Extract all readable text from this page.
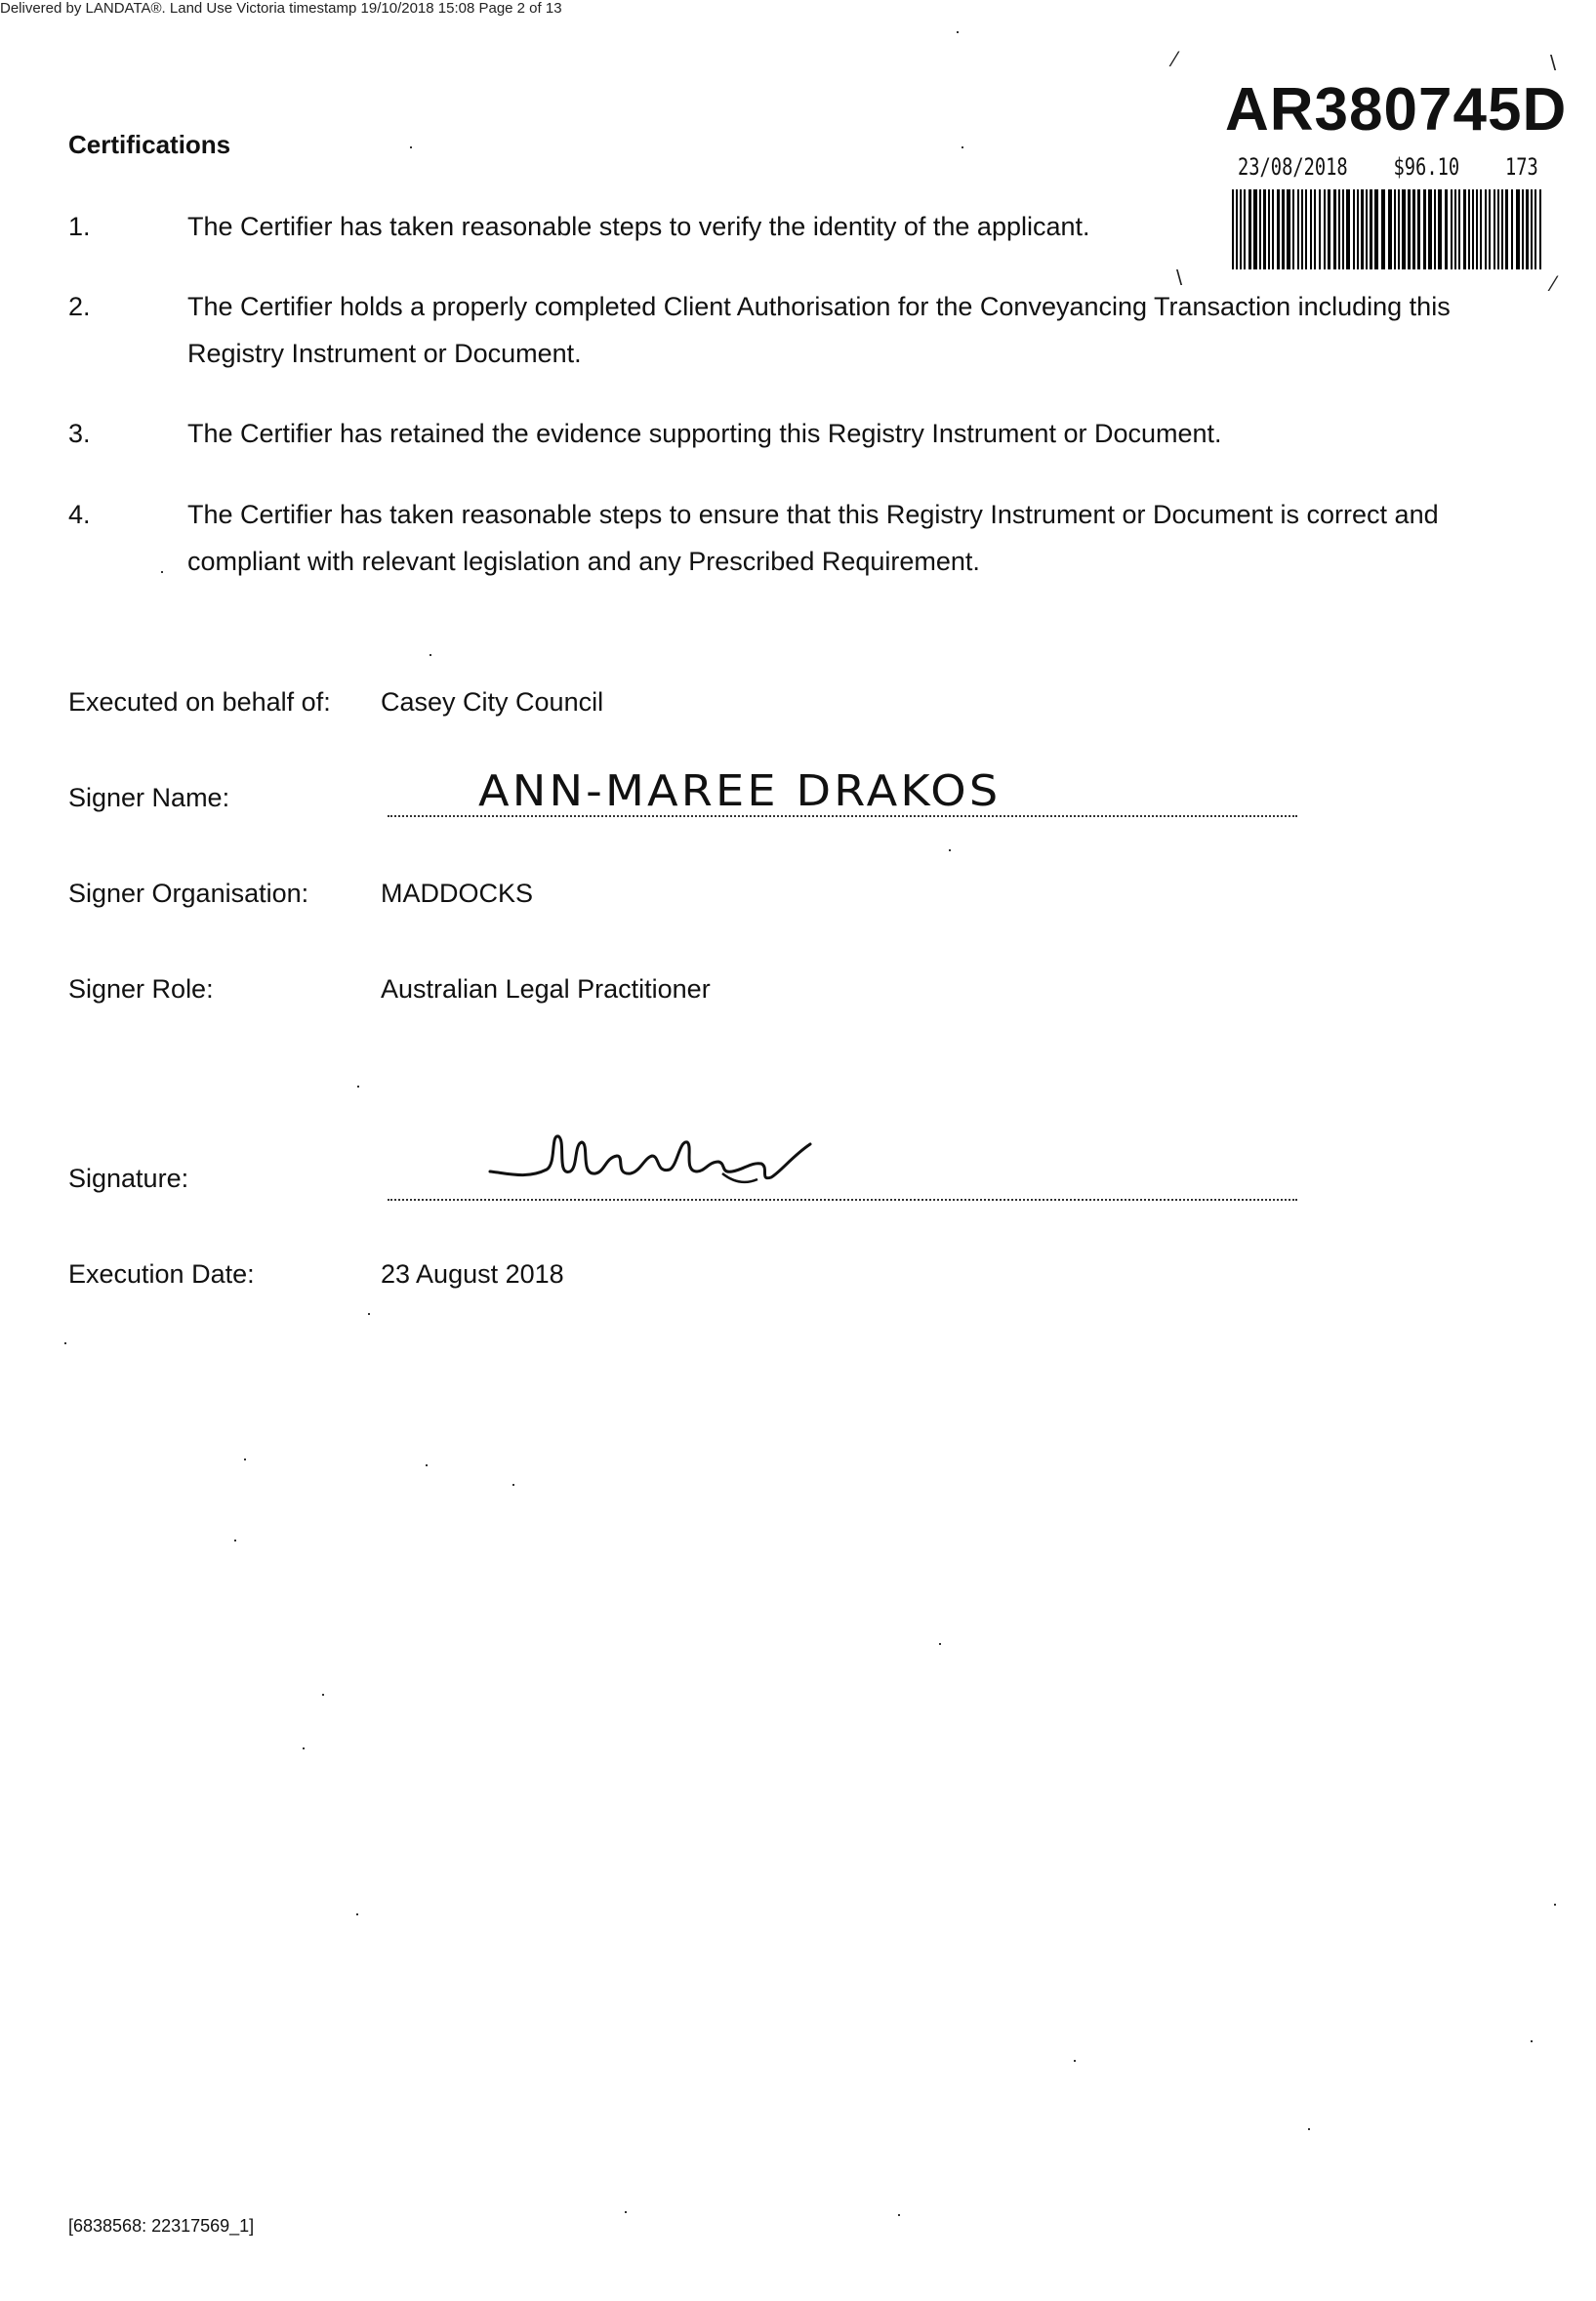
Delivered by LANDATA®. Land Use Victoria timestamp 19/10/2018 15:08 Page 2 of 13
Certifications
AR380745D
23/08/2018 $96.10 173
⁄	\
\	⁄
1.	The Certifier has taken reasonable steps to verify the identity of the applicant.
2.	The Certifier holds a properly completed Client Authorisation for the Conveyancing Transaction including this Registry Instrument or Document.
3.	The Certifier has retained the evidence supporting this Registry Instrument or Document.
4.	The Certifier has taken reasonable steps to ensure that this Registry Instrument or Document is correct and compliant with relevant legislation and any Prescribed Requirement.
Executed on behalf of: Casey City Council
Signer Name:	ANN-MAREE DRAKOS
Signer Organisation:	MADDOCKS
Signer Role:	Australian Legal Practitioner
Signature:
Execution Date:	23 August 2018
[6838568: 22317569_1]
